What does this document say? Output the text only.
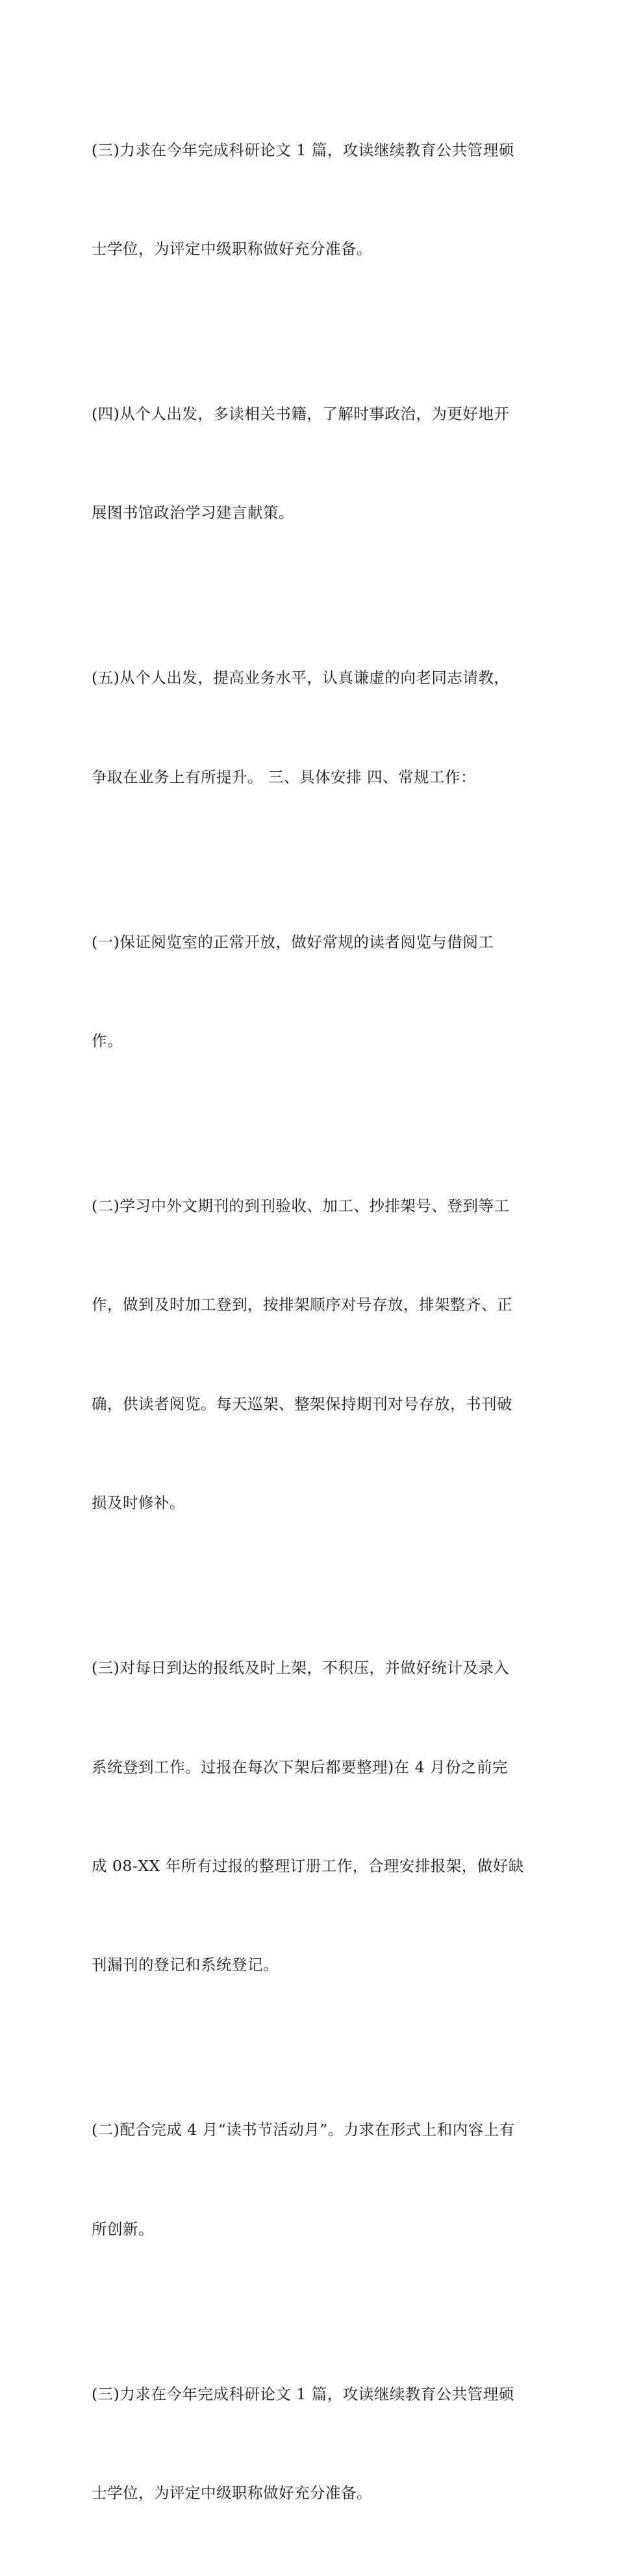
(三)力求在今年完成科研论文 1 篇，攻读继续教育公共管理硕

士学位，为评定中级职称做好充分准备。

(四)从个人出发，多读相关书籍，了解时事政治，为更好地开

展图书馆政治学习建言献策。

(五)从个人出发，提高业务水平，认真谦虚的向老同志请教，

争取在业务上有所提升。 三、具体安排 四、常规工作：

(一)保证阅览室的正常开放，做好常规的读者阅览与借阅工

作。

(二)学习中外文期刊的到刊验收、加工、抄排架号、登到等工

作，做到及时加工登到，按排架顺序对号存放，排架整齐、正

确，供读者阅览。每天巡架、整架保持期刊对号存放，书刊破

损及时修补。

(三)对每日到达的报纸及时上架，不积压，并做好统计及录入

系统登到工作。过报在每次下架后都要整理)在 4 月份之前完

成 08-XX 年所有过报的整理订册工作，合理安排报架，做好缺

刊漏刊的登记和系统登记。

(二)配合完成 4 月“读书节活动月”。力求在形式上和内容上有

所创新。

(三)力求在今年完成科研论文 1 篇，攻读继续教育公共管理硕

士学位，为评定中级职称做好充分准备。
